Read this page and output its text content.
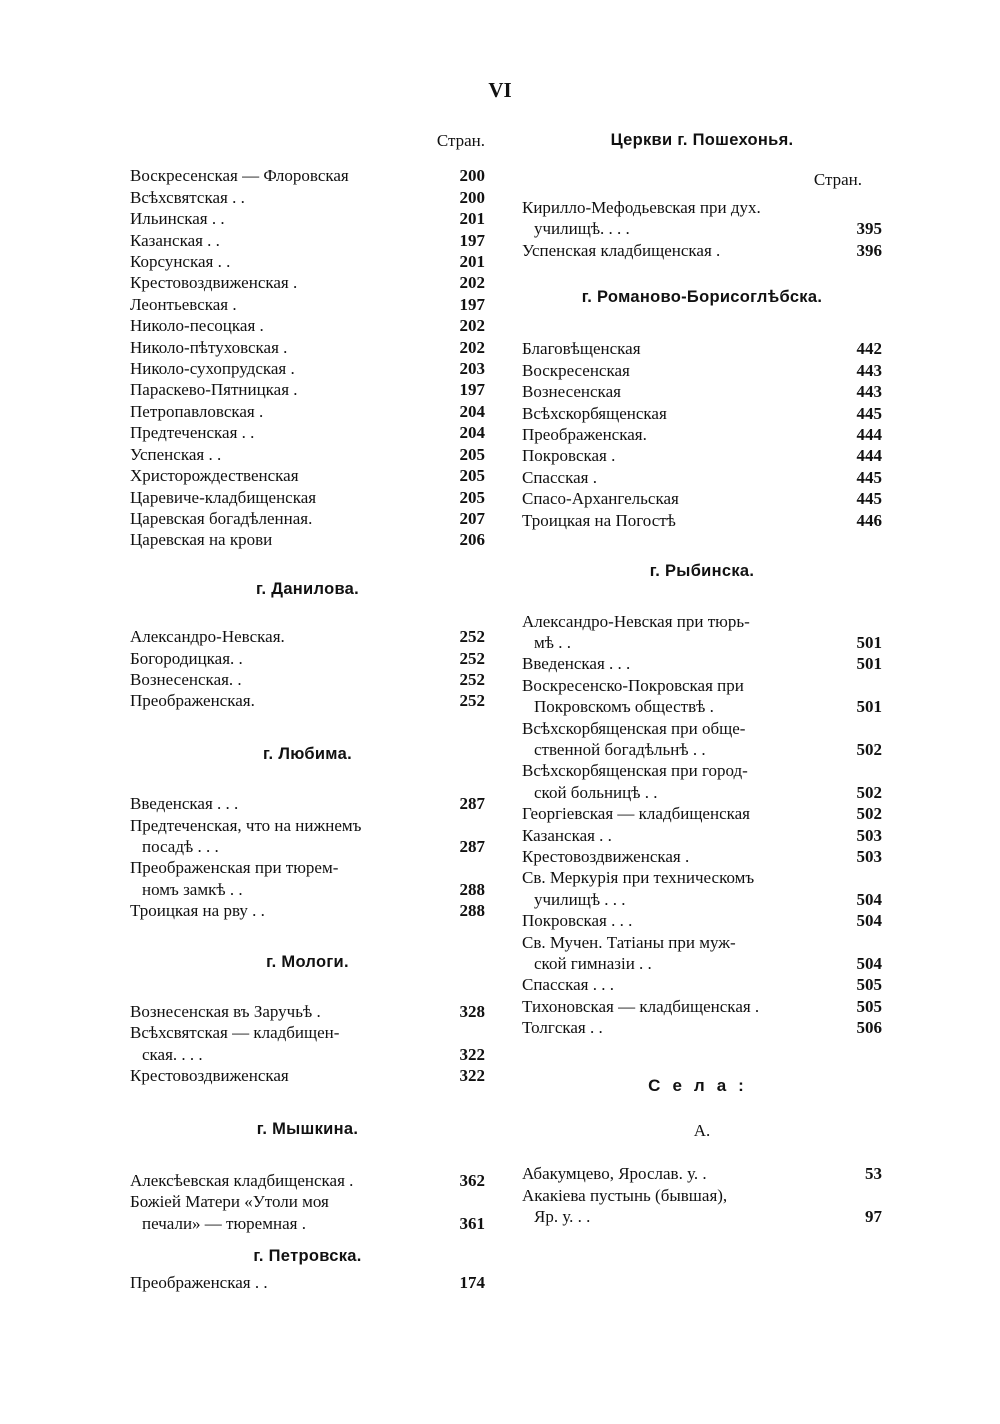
VI
Стран.
Воскресенская — Флоровская	200
Всѣхсвятская . .	200
Ильинская . .	201
Казанская . .	197
Корсунская . .	201
Крестовоздвиженская .	202
Леонтьевская .	197
Николо-песоцкая .	202
Николо-пѣтуховская .	202
Николо-сухопрудская .	203
Параскево-Пятницкая .	197
Петропавловская .	204
Предтеченская . .	204
Успенская . .	205
Христорождественская	205
Царевиче-кладбищенская	205
Царевская богадѣленная.	207
Царевская на крови	206
г. Данилова.
Александро-Невская.	252
Богородицкая. .	252
Вознесенская. .	252
Преображенская.	252
г. Любима.
Введенская . . .	287
Предтеченская, что на нижнемъ
посадѣ . . .	287
Преображенская при тюрем-
номъ замкѣ . .	288
Троицкая на рву . .	288
г. Мологи.
Вознесенская въ Заручьѣ .	328
Всѣхсвятская — кладбищен-
ская. . . .	322
Крестовоздвиженская	322
г. Мышкина.
Алексѣевская кладбищенская .	362
Божіей Матери «Утоли моя
печали» — тюремная .	361
г. Петровска.
Преображенская . .	174
Церкви г. Пошехонья.
Стран.
Кирилло-Мефодьевская при дух.
училищѣ. . . .	395
Успенская кладбищенская .	396
г. Романово-Борисоглѣбска.
Благовѣщенская	442
Воскресенская	443
Вознесенская	443
Всѣхскорбященская	445
Преображенская.	444
Покровская .	444
Спасская .	445
Спасо-Архангельская	445
Троицкая на Погостѣ	446
г. Рыбинска.
Александро-Невская при тюрь-
мѣ . .	501
Введенская . . .	501
Воскресенско-Покровская при
Покровскомъ обществѣ .	501
Всѣхскорбященская при обще-
ственной богадѣльнѣ . .	502
Всѣхскорбященская при город-
ской больницѣ . .	502
Георгіевская — кладбищенская	502
Казанская . .	503
Крестовоздвиженская .	503
Св. Меркурія при техническомъ
училищѣ . . .	504
Покровская . . .	504
Св. Мучен. Татіаны при муж-
ской гимназіи . .	504
Спасская . . .	505
Тихоновская — кладбищенская .	505
Толгская . .	506
Села:
А.
Абакумцево, Ярослав. у. .	53
Акакіева пустынь (бывшая),
Яр. у. . .	97
